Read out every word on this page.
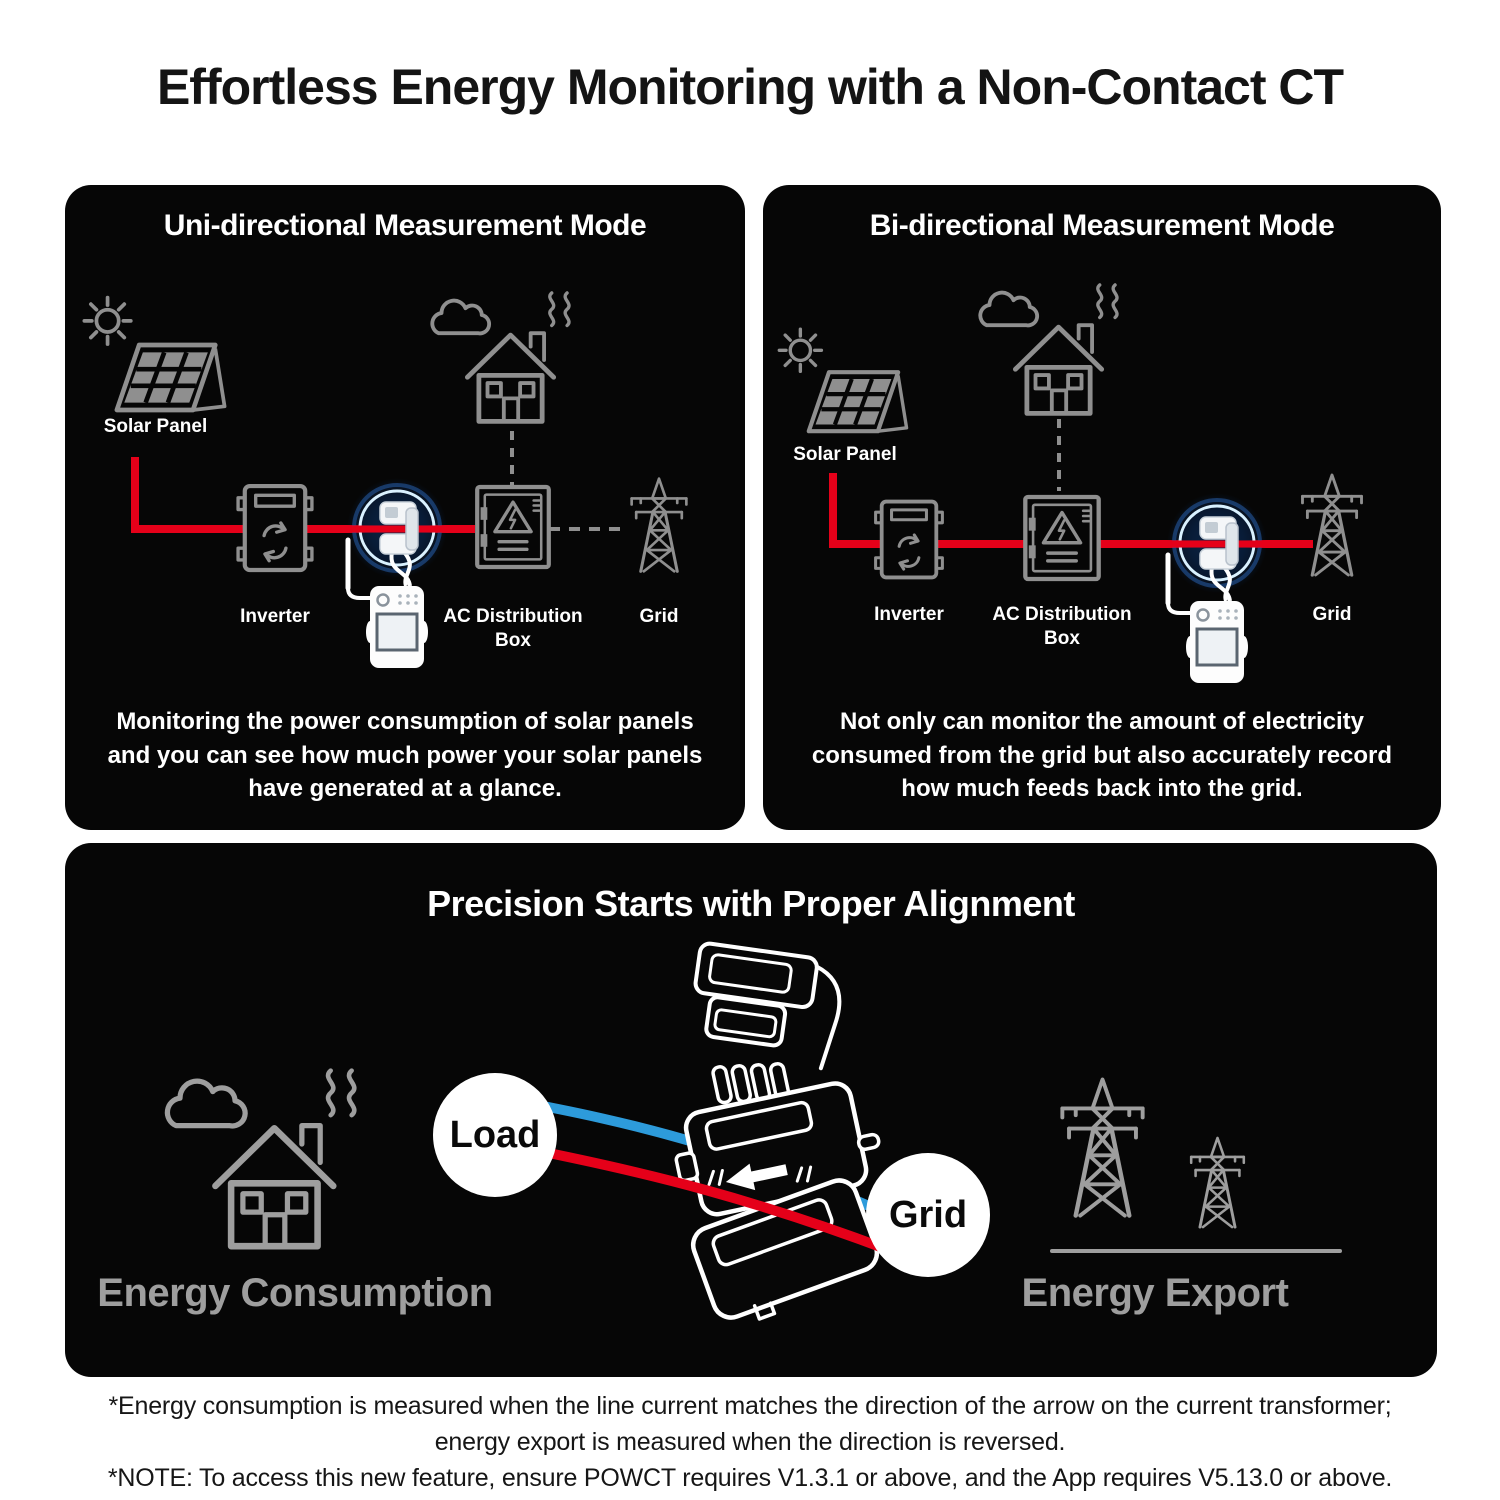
Effortless Energy Monitoring with a Non-Contact CT
Uni-directional Measurement Mode
Solar Panel
Inverter	AC Distribution
Box
Grid
Monitoring the power consumption of solar panels and you can see how much power your solar panels have generated at a glance.
Bi-directional Measurement Mode
Solar Panel
Inverter	AC Distribution
Box
Grid
Not only can monitor the amount of electricity consumed from the grid but also accurately record how much feeds back into the grid.
Precision Starts with Proper Alignment
Energy Consumption	Energy Export
Load
Grid

*Energy consumption is measured when the line current matches the direction of the arrow on the current transformer;

energy export is measured when the direction is reversed.

*NOTE: To access this new feature, ensure POWCT requires V1.3.1 or above, and the App requires V5.13.0 or above.
